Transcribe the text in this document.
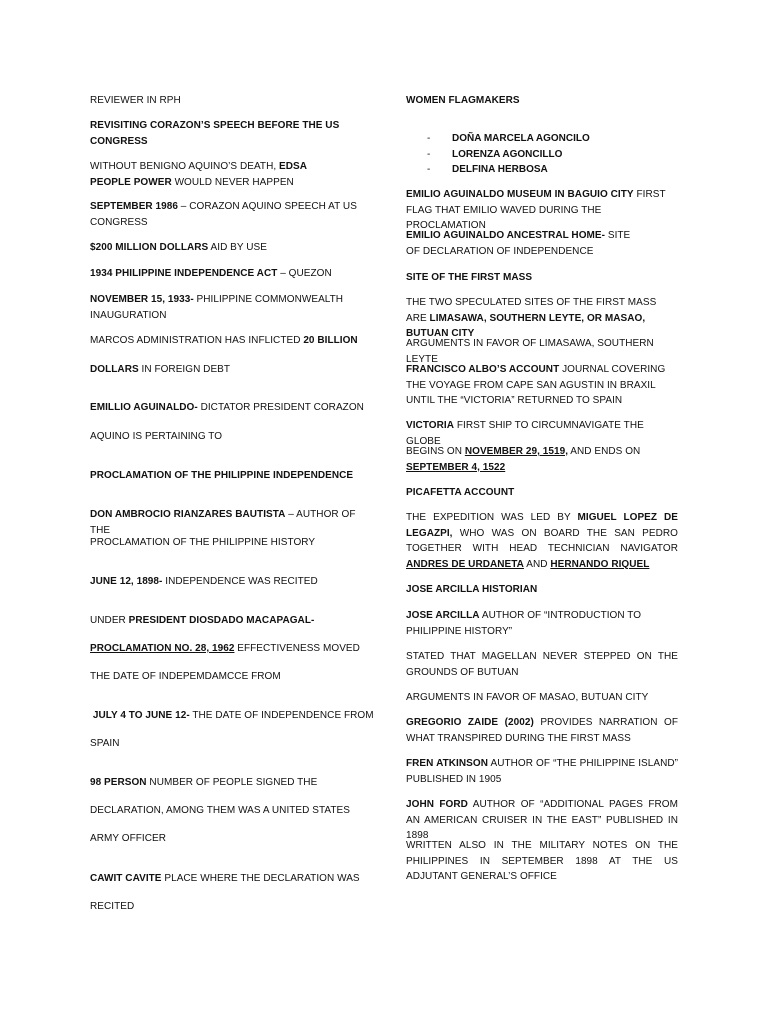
REVIEWER IN RPH

REVISITING CORAZON’S SPEECH BEFORE THE US CONGRESS

WITHOUT BENIGNO AQUINO’S DEATH, EDSA PEOPLE POWER WOULD NEVER HAPPEN

SEPTEMBER 1986 – CORAZON AQUINO SPEECH AT US CONGRESS

$200 MILLION DOLLARS AID BY USE

1934 PHILIPPINE INDEPENDENCE ACT – QUEZON

NOVEMBER 15, 1933- PHILIPPINE COMMONWEALTH INAUGURATION

MARCOS ADMINISTRATION HAS INFLICTED 20 BILLION

DOLLARS IN FOREIGN DEBT

EMILLIO AGUINALDO- DICTATOR PRESIDENT CORAZON

AQUINO IS PERTAINING TO

PROCLAMATION OF THE PHILIPPINE INDEPENDENCE

DON AMBROCIO RIANZARES BAUTISTA – AUTHOR OF THE

PROCLAMATION OF THE PHILIPPINE HISTORY

JUNE 12, 1898- INDEPENDENCE WAS RECITED

UNDER PRESIDENT DIOSDADO MACAPAGAL-

PROCLAMATION NO. 28, 1962 EFFECTIVENESS MOVED

THE DATE OF INDEPEMDAMCCE FROM

JULY 4 TO JUNE 12- THE DATE OF INDEPENDENCE FROM

SPAIN

98 PERSON NUMBER OF PEOPLE SIGNED THE

DECLARATION, AMONG THEM WAS A UNITED STATES

ARMY OFFICER

CAWIT CAVITE PLACE WHERE THE DECLARATION WAS

RECITED

WOMEN FLAGMAKERS

- DOÑA MARCELA AGONCILO
- LORENZA AGONCILLO
- DELFINA HERBOSA

EMILIO AGUINALDO MUSEUM IN BAGUIO CITY FIRST FLAG THAT EMILIO WAVED DURING THE PROCLAMATION

EMILIO AGUINALDO ANCESTRAL HOME- SITE OF DECLARATION OF INDEPENDENCE

SITE OF THE FIRST MASS

THE TWO SPECULATED SITES OF THE FIRST MASS ARE LIMASAWA, SOUTHERN LEYTE, OR MASAO, BUTUAN CITY

ARGUMENTS IN FAVOR OF LIMASAWA, SOUTHERN LEYTE

FRANCISCO ALBO’S ACCOUNT JOURNAL COVERING THE VOYAGE FROM CAPE SAN AGUSTIN IN BRAXIL UNTIL THE “VICTORIA” RETURNED TO SPAIN

VICTORIA FIRST SHIP TO CIRCUMNAVIGATE THE GLOBE

BEGINS ON NOVEMBER 29, 1519, AND ENDS ON SEPTEMBER 4, 1522

PICAFETTA ACCOUNT

THE EXPEDITION WAS LED BY MIGUEL LOPEZ DE LEGAZPI, WHO WAS ON BOARD THE SAN PEDRO TOGETHER WITH HEAD TECHNICIAN NAVIGATOR ANDRES DE URDANETA AND HERNANDO RIQUEL

JOSE ARCILLA HISTORIAN

JOSE ARCILLA AUTHOR OF “INTRODUCTION TO PHILIPPINE HISTORY”

STATED THAT MAGELLAN NEVER STEPPED ON THE GROUNDS OF BUTUAN

ARGUMENTS IN FAVOR OF MASAO, BUTUAN CITY

GREGORIO ZAIDE (2002) PROVIDES NARRATION OF WHAT TRANSPIRED DURING THE FIRST MASS

FREN ATKINSON AUTHOR OF “THE PHILIPPINE ISLAND” PUBLISHED IN 1905

JOHN FORD AUTHOR OF “ADDITIONAL PAGES FROM AN AMERICAN CRUISER IN THE EAST” PUBLISHED IN 1898

WRITTEN ALSO IN THE MILITARY NOTES ON THE PHILIPPINES IN SEPTEMBER 1898 AT THE US ADJUTANT GENERAL’S OFFICE
